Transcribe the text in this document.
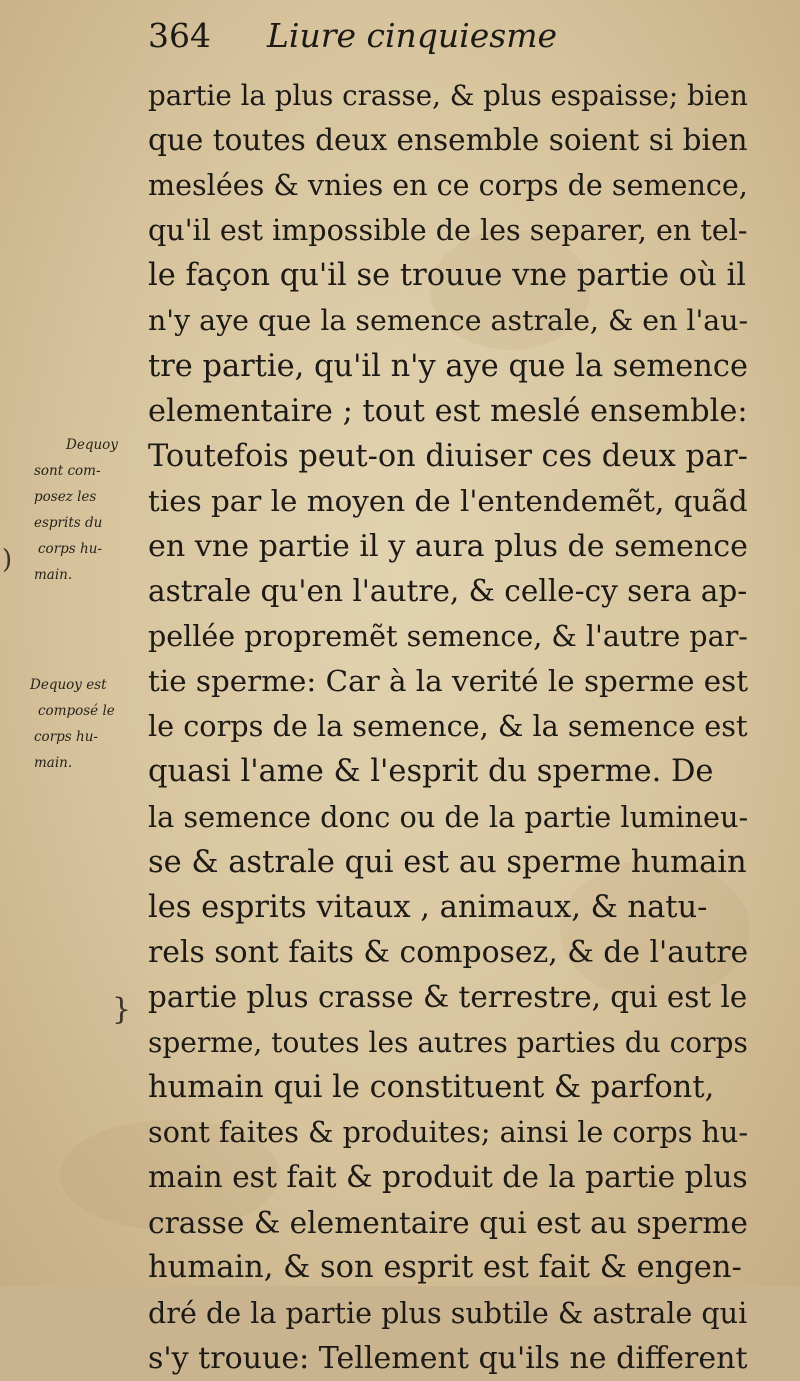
364 Liure cinquiesme
partie la plus crasse, & plus espaisse; bien
que toutes deux ensemble soient si bien
meslées & vnies en ce corps de semence,
qu'il est impossible de les separer, en tel-
le façon qu'il se trouue vne partie où il
n'y aye que la semence astrale, & en l'au-
tre partie, qu'il n'y aye que la semence
elementaire ; tout est meslé ensemble:
Toutefois peut-on diuiser ces deux par-
ties par le moyen de l'entendemẽt, quãd
en vne partie il y aura plus de semence
astrale qu'en l'autre, & celle-cy sera ap-
pellée propremẽt semence, & l'autre par-
tie sperme: Car à la verité le sperme est
le corps de la semence, & la semence est
quasi l'ame & l'esprit du sperme. De
la semence donc ou de la partie lumineu-
se & astrale qui est au sperme humain
les esprits vitaux , animaux, & natu-
rels sont faits & composez, & de l'autre
partie plus crasse & terrestre, qui est le
sperme, toutes les autres parties du corps
humain qui le constituent & parfont,
sont faites & produites; ainsi le corps hu-
main est fait & produit de la partie plus
crasse & elementaire qui est au sperme
humain, & son esprit est fait & engen-
dré de la partie plus subtile & astrale qui
s'y trouue: Tellement qu'ils ne different
Dequoy
sont com-
posez les
esprits du
corps hu-
main.
Dequoy est
composé le
corps hu-
main.
)
}
